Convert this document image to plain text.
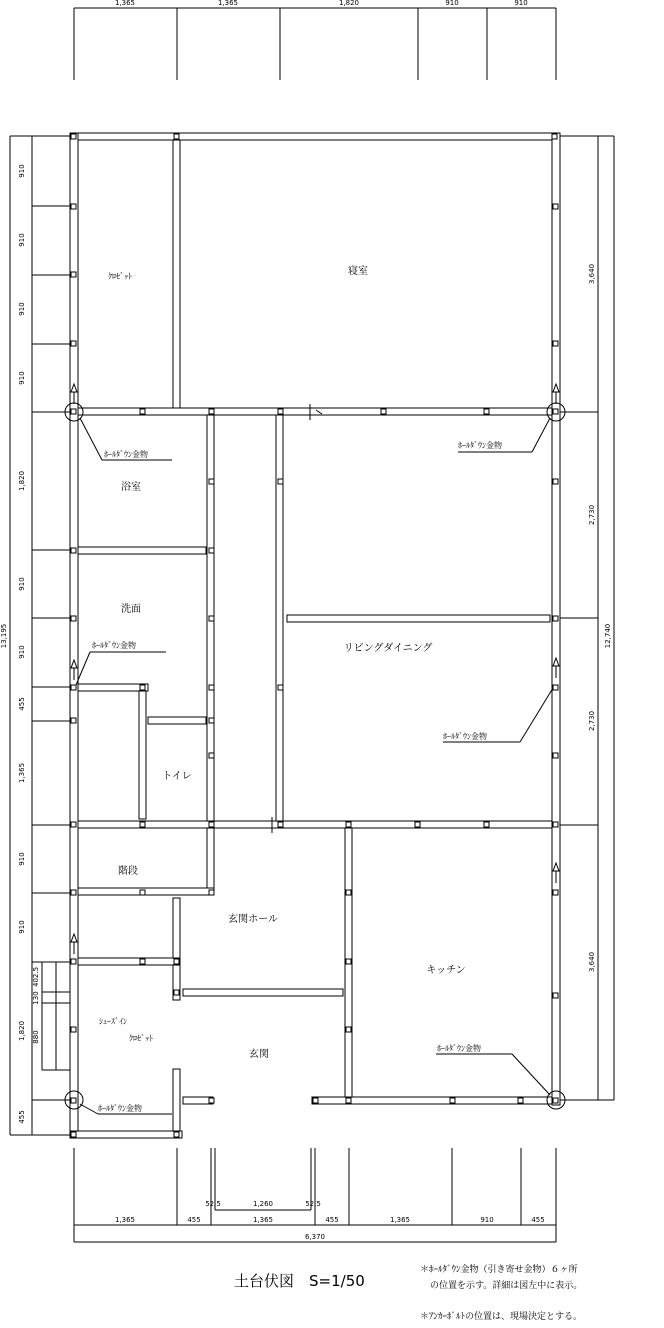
1,365	1,365	1,820	910	910
910
910
910
910
1,820
910
910
455
1,365
910
910
1,820
455
13,195
402.5
130
880
3,640
2,730
2,730
3,640
12,740
52.5	1,260	52.5
1,365	455	1,365	455	1,365	910	455
6,370
ｸﾛｾﾞｯﾄ	寝室
浴室
洗面
リビングダイニング
トイレ
階段
玄関ホール
キッチン
ｼｭｰｽﾞｲﾝ
ｸﾛｾﾞｯﾄ
玄関
ﾎｰﾙﾀﾞｳﾝ金物
ﾎｰﾙﾀﾞｳﾝ金物
ﾎｰﾙﾀﾞｳﾝ金物
ﾎｰﾙﾀﾞｳﾝ金物
ﾎｰﾙﾀﾞｳﾝ金物
ﾎｰﾙﾀﾞｳﾝ金物
土台伏図　S=1/50
＊ﾎｰﾙﾀﾞｳﾝ金物（引き寄せ金物）６ヶ所
の位置を示す。詳細は図左中に表示。
＊ｱﾝｶｰﾎﾞﾙﾄの位置は、現場決定とする。
